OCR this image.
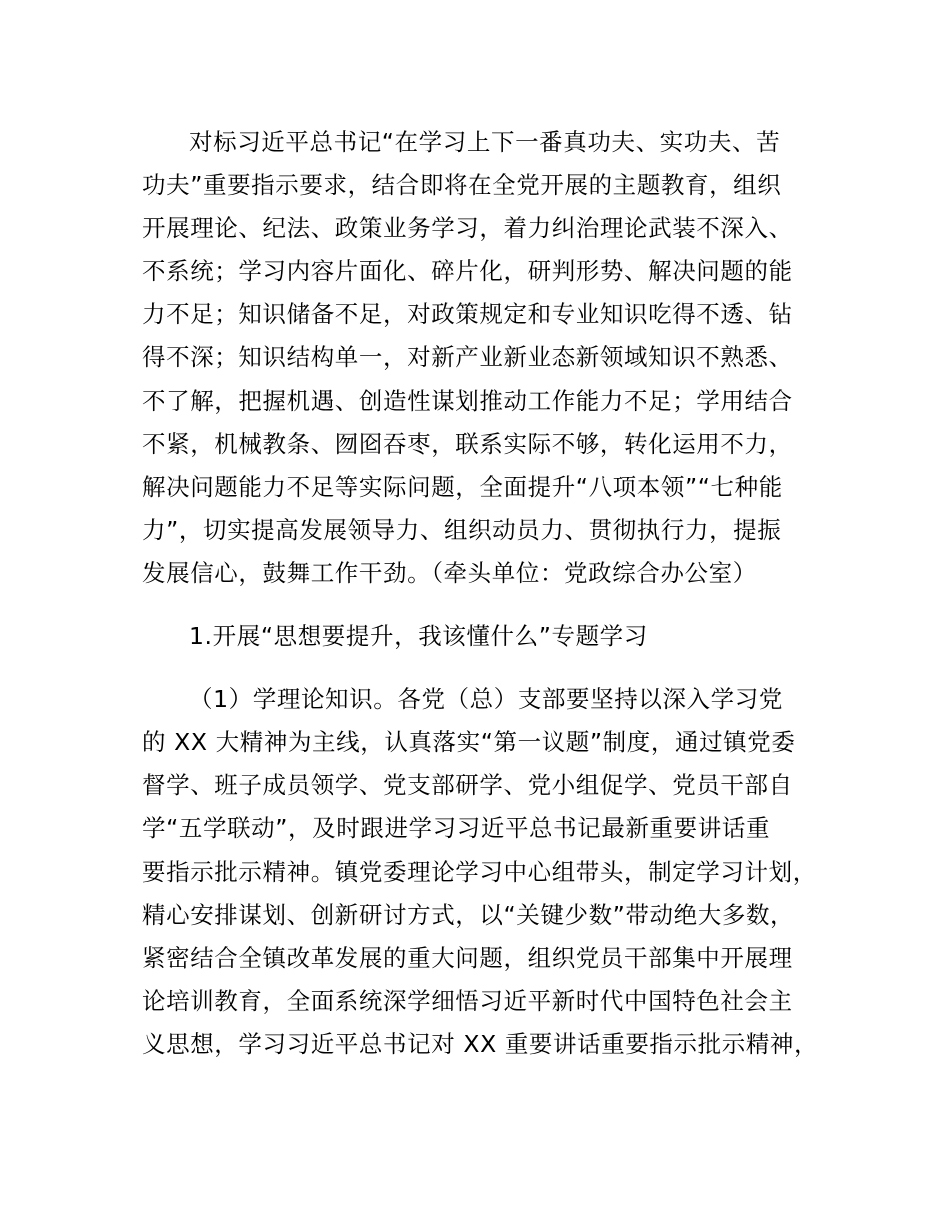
对标习近平总书记“在学习上下一番真功夫、实功夫、苦
功夫”重要指示要求，结合即将在全党开展的主题教育，组织
开展理论、纪法、政策业务学习，着力纠治理论武装不深入、
不系统；学习内容片面化、碎片化，研判形势、解决问题的能
力不足；知识储备不足，对政策规定和专业知识吃得不透、钻
得不深；知识结构单一，对新产业新业态新领域知识不熟悉、
不了解，把握机遇、创造性谋划推动工作能力不足；学用结合
不紧，机械教条、囫囵吞枣，联系实际不够，转化运用不力，
解决问题能力不足等实际问题，全面提升“八项本领”“七种能
力”，切实提高发展领导力、组织动员力、贯彻执行力，提振
发展信心，鼓舞工作干劲。（牵头单位：党政综合办公室）
1.开展“思想要提升，我该懂什么”专题学习
（1）学理论知识。各党（总）支部要坚持以深入学习党
的 XX 大精神为主线，认真落实“第一议题”制度，通过镇党委
督学、班子成员领学、党支部研学、党小组促学、党员干部自
学“五学联动”，及时跟进学习习近平总书记最新重要讲话重
要指示批示精神。镇党委理论学习中心组带头，制定学习计划，
精心安排谋划、创新研讨方式，以“关键少数”带动绝大多数，
紧密结合全镇改革发展的重大问题，组织党员干部集中开展理
论培训教育，全面系统深学细悟习近平新时代中国特色社会主
义思想，学习习近平总书记对 XX 重要讲话重要指示批示精神，
